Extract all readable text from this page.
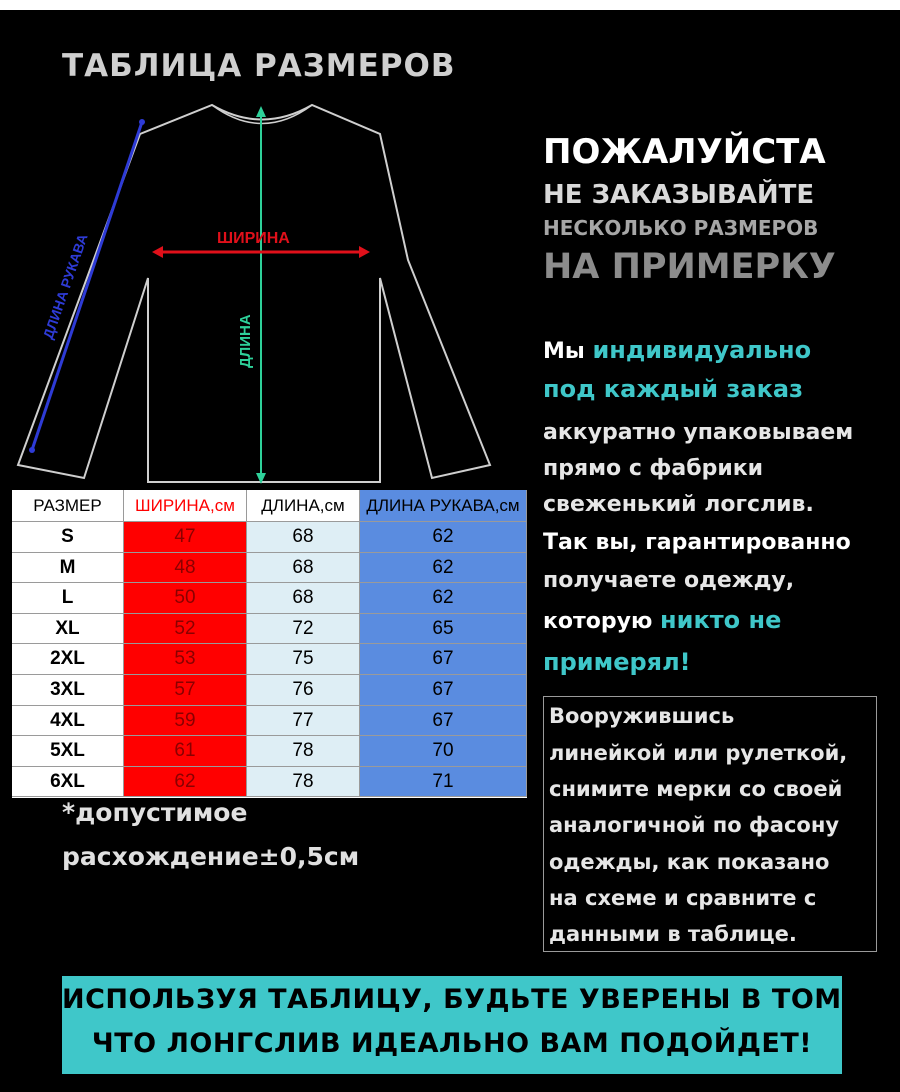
ТАБЛИЦА РАЗМЕРОВ
ДЛИНА РУКАВА
ДЛИНА
ШИРИНА
ПОЖАЛУЙСТА
НЕ ЗАКАЗЫВАЙТЕ
НЕСКОЛЬКО РАЗМЕРОВ
НА ПРИМЕРКУ
Мы индивидуально
под каждый заказ
аккуратно упаковываем
прямо с фабрики
свеженький логслив.
Так вы, гарантированно
получаете одежду,
которую никто не
примерял!
Вооружившись
линейкой или рулеткой,
снимите мерки со своей
аналогичной по фасону
одежды, как показано
на схеме и сравните с
данными в таблице.
РАЗМЕР	ШИРИНА,см	ДЛИНА,см	ДЛИНА РУКАВА,см
S	47	68	62
M	48	68	62
L	50	68	62
XL	52	72	65
2XL	53	75	67
3XL	57	76	67
4XL	59	77	67
5XL	61	78	70
6XL	62	78	71
*допустимое
расхождение±0,5см
ИСПОЛЬЗУЯ ТАБЛИЦУ, БУДЬТЕ УВЕРЕНЫ В ТОМ,
ЧТО ЛОНГСЛИВ ИДЕАЛЬНО ВАМ ПОДОЙДЕТ!
